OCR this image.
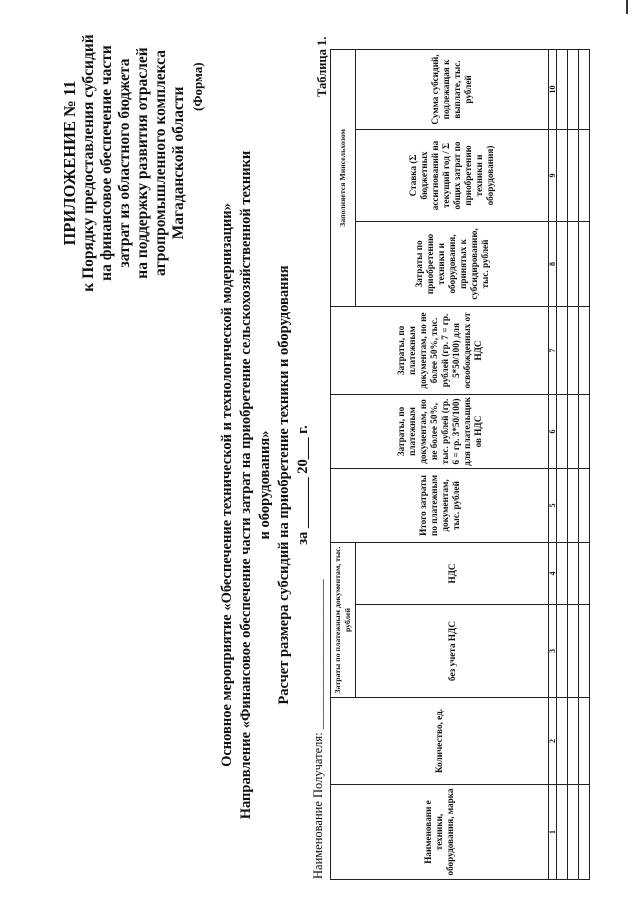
ПРИЛОЖЕНИЕ № 11 к Порядку предоставления субсидий на финансовое обеспечение части затрат из областного бюджета на поддержку развития отраслей агропромышленного комплекса Магаданской области (Форма)
Основное мероприятие «Обеспечение технической и технологической модернизации» Направление «Финансовое обеспечение части затрат на приобретение сельскохозяйственной техники и оборудования» Расчет размера субсидий на приобретение техники и оборудования за _______ 20___ г.
Таблица 1.
Наименование Получателя: ________________________	Наименовани е техники, оборудования, марка	Количество, ед.	Затраты по платежным документам, тыс. рублей		Итого затраты по платежным документам, тыс. рублей	Затраты, по платежным документам, но не более 50%, тыс. рублей (гр. 6 = гр. 3*50/100) для плательщик ов НДС	Затраты, по платежным документам, но не более 50%, тыс. рублей (гр. 7 = гр. 5*50/100) для освобожденных от НДС	Заполняется Минсельхозом		
		без учета НДС	НДС				Затраты по приобретению техники и оборудования, принятых к субсидированию, тыс. рублей	Ставка (Σ бюджетных ассигнований на текущий год / Σ общих затрат по приобретению техники и оборудования)	Сумма субсидий, подлежащая к выплате, тыс. рублей
1	2	3	4	5	6	7	8	9	10
